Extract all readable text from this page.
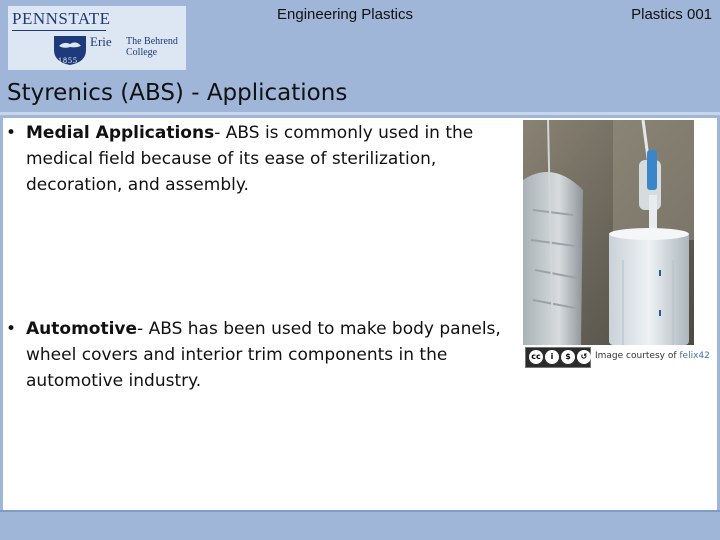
PENNSTATE
1855
Erie The Behrend
College
Engineering Plastics	Plastics 001
Styrenics (ABS) - Applications
• Medial Applications- ABS is commonly used in the medical field because of its ease of sterilization, decoration, and assembly.
• Automotive- ABS has been used to make body panels, wheel covers and interior trim components in the automotive industry.
cc	i	$	↺ Image courtesy of felix42
